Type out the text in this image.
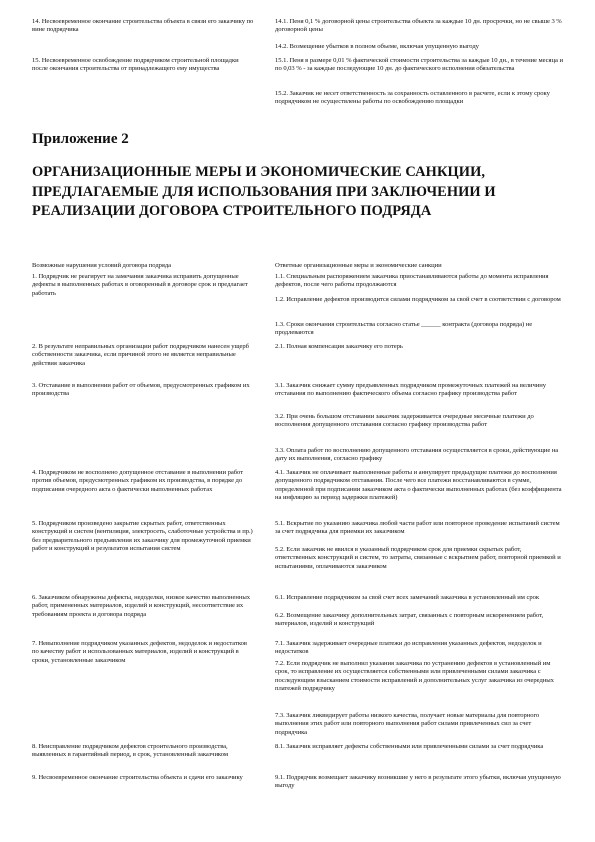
14. Несвоевременное окончание строительства объекта в связи его заказчику по вине подрядчика
14.1. Пеня 0,1 % договорной цены строительства объекта за каждые 10 дн. просрочки, но не свыше 3 % договорной цены
14.2. Возмещение убытков в полном объеме, включая упущенную выгоду
15. Несвоевременное освобождение подрядчиком строительной площадки после окончания строительства от принадлежащего ему имущества
15.1. Пеня в размере 0,01 % фактической стоимости строительства за каждые 10 дн., в течение месяца и по 0,03 % - за каждые последующие 10 дн. до фактического исполнения обязательства
15.2. Заказчик не несет ответственность за сохранность оставленного в расчете, если к этому сроку подрядчиком не осуществлены работы по освобождению площадки
Приложение 2
ОРГАНИЗАЦИОННЫЕ МЕРЫ И ЭКОНОМИЧЕСКИЕ САНКЦИИ, ПРЕДЛАГАЕМЫЕ ДЛЯ ИСПОЛЬЗОВАНИЯ ПРИ ЗАКЛЮЧЕНИИ И РЕАЛИЗАЦИИ ДОГОВОРА СТРОИТЕЛЬНОГО ПОДРЯДА
Возможные нарушения условий договора подряда	Ответные организационные меры и экономические санкции
1. Подрядчик не реагирует на замечания заказчика исправить допущенные дефекты в выполненных работах в оговоренный в договоре срок и предлагает работать
1.1. Специальным распоряжением заказчика приостанавливаются работы до момента исправления дефектов, после чего работы продолжаются
1.2. Исправление дефектов производится силами подрядчиком за свой счет в соответствии с договором
1.3. Сроки окончания строительства согласно статье ______ контракта (договора подряда) не продлеваются
2. В результате неправильных организации работ подрядчиком нанесен ущерб собственности заказчика, если причиной этого не является неправильные действия заказчика
2.1. Полная компенсация заказчику его потерь
3. Отставание в выполнении работ от объемов, предусмотренных графиком их производства
3.1. Заказчик снижает сумму предъявленных подрядчиком промежуточных платежей на величину отставания по выполнению фактического объема согласно графику производства работ
3.2. При очень большом отставании заказчик задерживается очередные месячные платежи до восполнения допущенного отставания согласно графику производства работ
3.3. Оплата работ по восполнению допущенного отставания осуществляется в сроки, действующие на дату их выполнения, согласно графику
4. Подрядчиком не восполнено допущенное отставание в выполнении работ против объемов, предусмотренных графиком их производства, в порядке до подписания очередного акта о фактически выполненных работах
4.1. Заказчик не оплачивает выполненные работы и аннулирует предыдущие платежи до восполнения допущенного подрядчиком отставания. После чего все платежи восстанавливаются в сумме, определенной при подписании заказчиком акта о фактически выполненных работах (без коэффициента на инфляцию за период задержки платежей)
5. Подрядчиком произведено закрытие скрытых работ, ответственных конструкций и систем (вентиляция, электросеть, слаботочные устройства и пр.) без предварительного предъявления их заказчику для промежуточной приемки работ и конструкций и результатов испытания систем
5.1. Вскрытие по указанию заказчика любой части работ или повторное проведение испытаний систем за счет подрядчика для приемки их заказчиком
5.2. Если заказчик не явился в указанный подрядчиком срок для приемки скрытых работ, ответственных конструкций и систем, то затраты, связанные с вскрытием работ, повторной приемкой и испытаниями, оплачиваются заказчиком
6. Заказчиком обнаружены дефекты, недоделки, низкое качество выполненных работ, примененных материалов, изделий и конструкций, несоответствие их требованиям проекта и договора подряда
6.1. Исправление подрядчиком за свой счет всех замечаний заказчика в установленный им срок
6.2. Возмещение заказчику дополнительных затрат, связанных с повторным искоренением работ, материалов, изделий и конструкций
7. Невыполнение подрядчиком указанных дефектов, недоделок и недостатков по качеству работ и использованных материалов, изделий и конструкций в сроки, установленные заказчиком
7.1. Заказчик задерживает очередные платежи до исправления указанных дефектов, недоделок и недостатков
7.2. Если подрядчик не выполнил указания заказчика по устранению дефектов в установленный им срок, то исправление их осуществляется собственными или привлеченными силами заказчика с последующим взысканием стоимости исправлений и дополнительных услуг заказчика из очередных платежей подрядчику
7.3. Заказчик ликвидирует работы низкого качества, получает новые материалы для повторного выполнения этих работ или повторного выполнения работ силами привлеченных сил за счет подрядчика
8. Неисправление подрядчиком дефектов строительного производства, выявленных в гарантийный период, в срок, установленный заказчиком
8.1. Заказчик исправляет дефекты собственными или привлеченными силами за счет подрядчика
9. Несвоевременное окончание строительства объекта и сдачи его заказчику	9.1. Подрядчик возмещает заказчику возникшие у него в результате этого убытки, включая упущенную выгоду
